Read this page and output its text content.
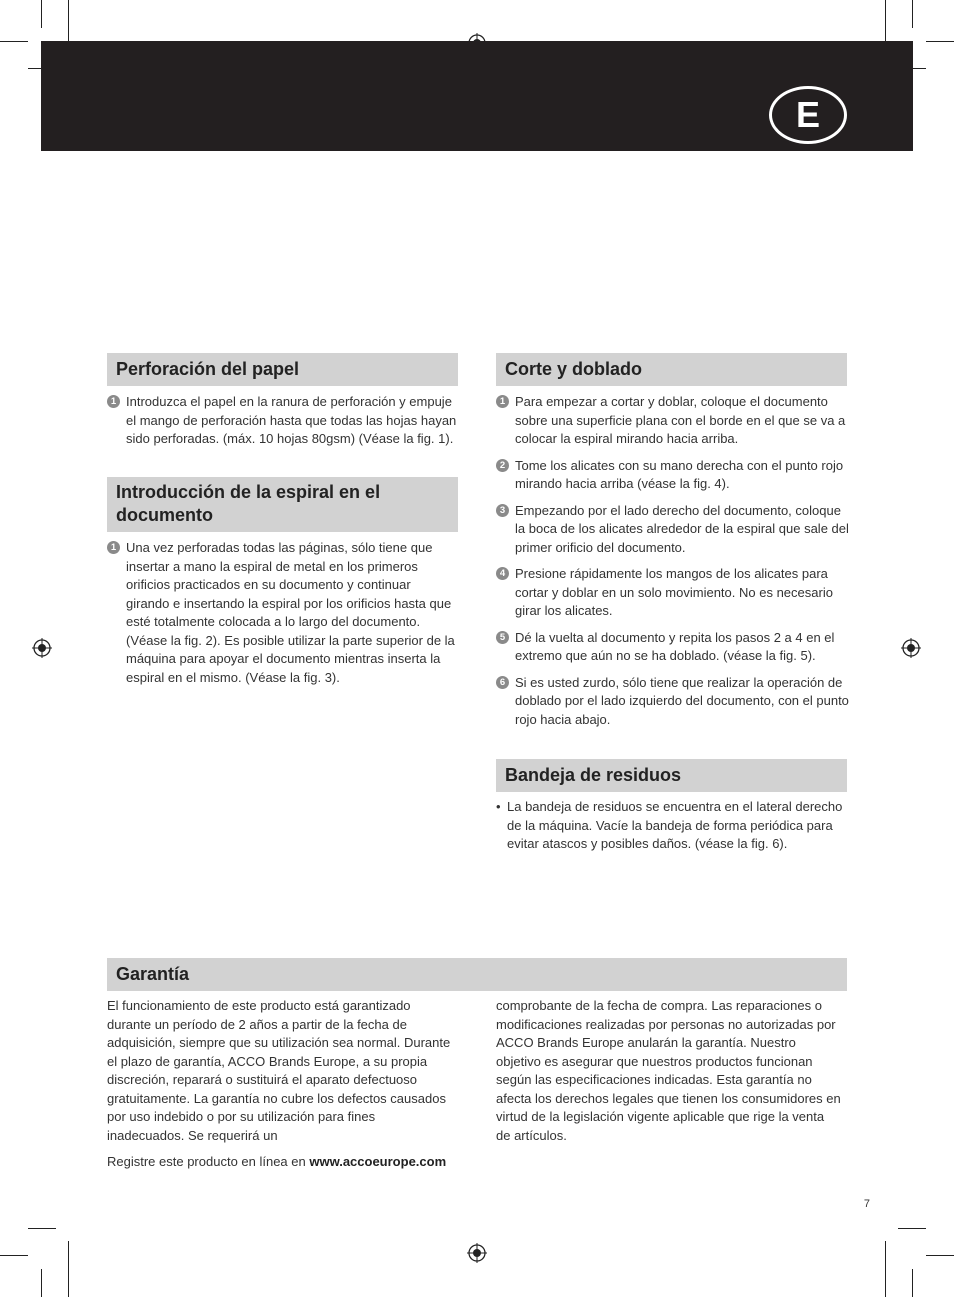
E
Perforación del papel
1 Introduzca el papel en la ranura de perforación y empuje el mango de perforación hasta que todas las hojas hayan sido perforadas. (máx. 10 hojas 80gsm) (Véase la fig. 1).
Introducción de la espiral en el
documento
1 Una vez perforadas todas las páginas, sólo tiene que insertar a mano la espiral de metal en los primeros orificios practicados en su documento y continuar girando e insertando la espiral por los orificios hasta que esté totalmente colocada a lo largo del documento. (Véase la fig. 2). Es posible utilizar la parte superior de la máquina para apoyar el documento mientras inserta la espiral en el mismo. (Véase la fig. 3).
Corte y doblado
1 Para empezar a cortar y doblar, coloque el documento sobre una superficie plana con el borde en el que se va a colocar la espiral mirando hacia arriba.
2 Tome los alicates con su mano derecha con el punto rojo mirando hacia arriba (véase la fig. 4).
3 Empezando por el lado derecho del documento, coloque la boca de los alicates alrededor de la espiral que sale del primer orificio del documento.
4 Presione rápidamente los mangos de los alicates para cortar y doblar en un solo movimiento. No es necesario girar los alicates.
5 Dé la vuelta al documento y repita los pasos 2 a 4 en el extremo que aún no se ha doblado. (véase la fig. 5).
6 Si es usted zurdo, sólo tiene que realizar la operación de doblado por el lado izquierdo del documento, con el punto rojo hacia abajo.
Bandeja de residuos
• La bandeja de residuos se encuentra en el lateral derecho de la máquina. Vacíe la bandeja de forma periódica para evitar atascos y posibles daños. (véase la fig. 6).
Garantía
El funcionamiento de este producto está garantizado durante un período de 2 años a partir de la fecha de adquisición, siempre que su utilización sea normal. Durante el plazo de garantía, ACCO Brands Europe, a su propia discreción, reparará o sustituirá el aparato defectuoso gratuitamente. La garantía no cubre los defectos causados por uso indebido o por su utilización para fines inadecuados. Se requerirá un
Registre este producto en línea en www.accoeurope.com
comprobante de la fecha de compra. Las reparaciones o modificaciones realizadas por personas no autorizadas por ACCO Brands Europe anularán la garantía. Nuestro objetivo es asegurar que nuestros productos funcionan según las especificaciones indicadas. Esta garantía no afecta los derechos legales que tienen los consumidores en virtud de la legislación vigente aplicable que rige la venta de artículos.
7
